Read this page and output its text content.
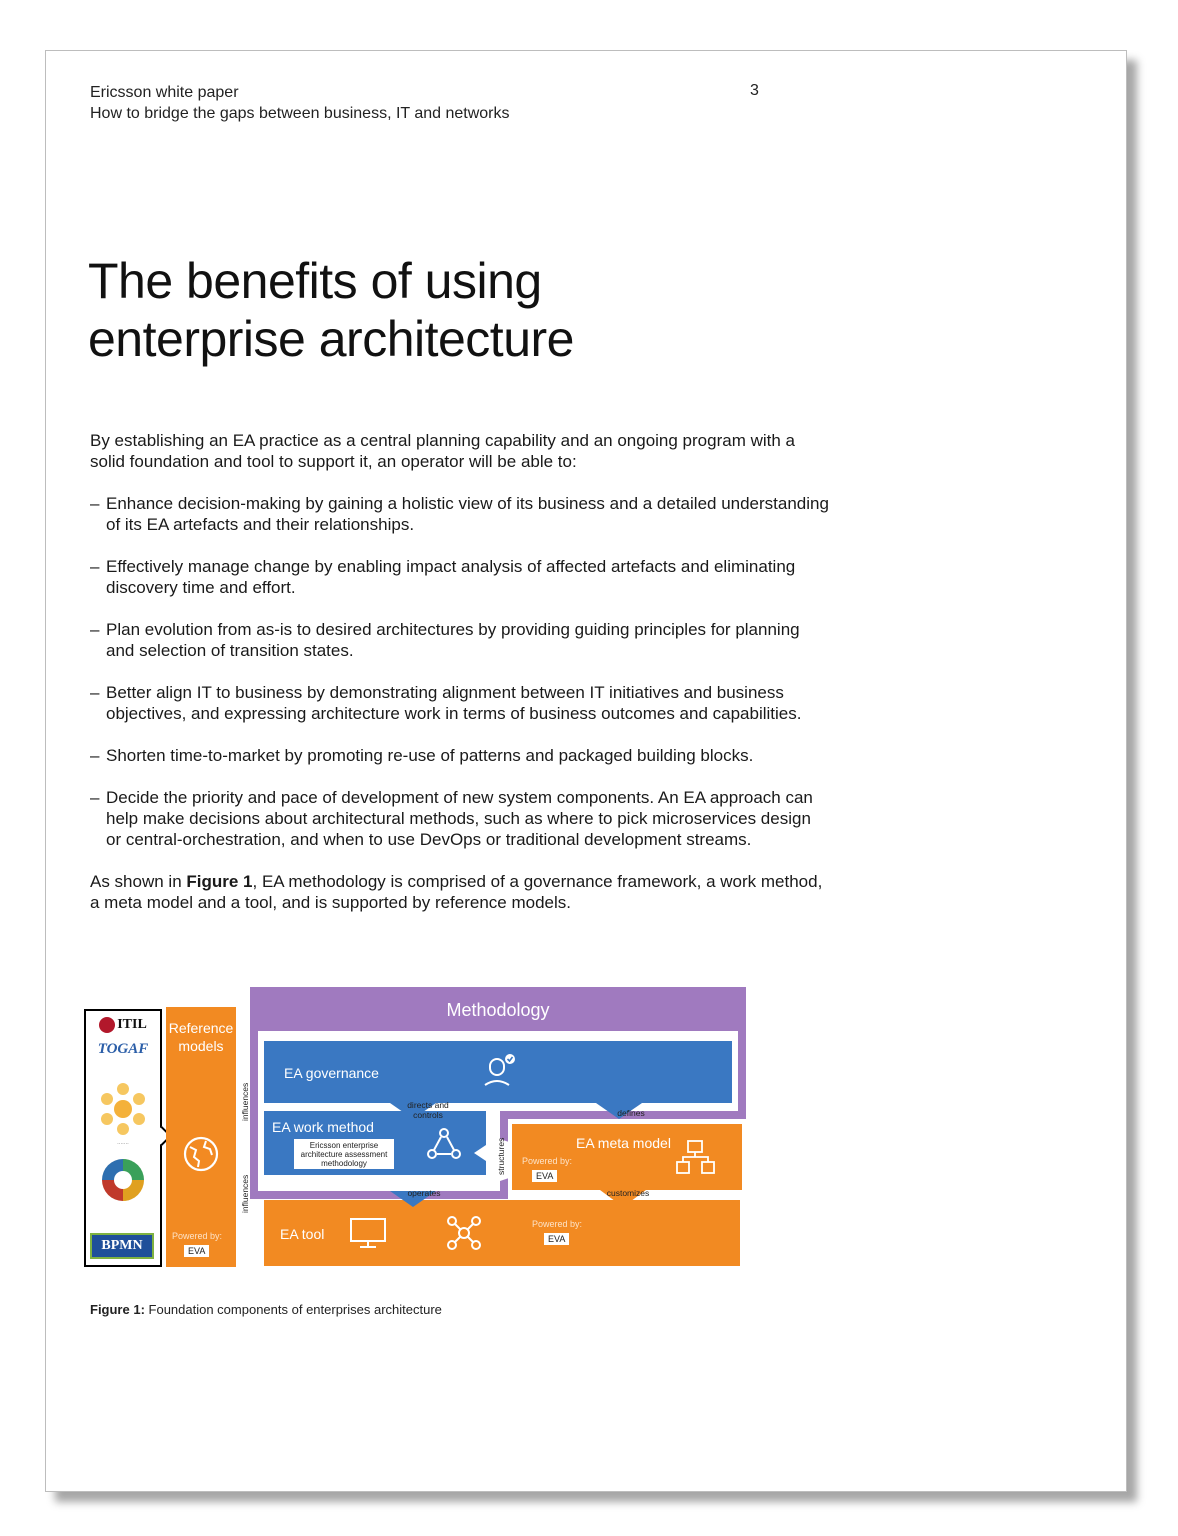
Ericsson white paper
How to bridge the gaps between business, IT and networks
3
The benefits of using
enterprise architecture

By establishing an EA practice as a central planning capability and an ongoing program with a solid foundation and tool to support it, an operator will be able to:

– Enhance decision-making by gaining a holistic view of its business and a detailed understanding of its EA artefacts and their relationships.
– Effectively manage change by enabling impact analysis of affected artefacts and eliminating discovery time and effort.
– Plan evolution from as-is to desired architectures by providing guiding principles for planning and selection of transition states.
– Better align IT to business by demonstrating alignment between IT initiatives and business objectives, and expressing architecture work in terms of business outcomes and capabilities.
– Shorten time-to-market by promoting re-use of patterns and packaged building blocks.
– Decide the priority and pace of development of new system components. An EA approach can help make decisions about architectural methods, such as where to pick microservices design or central-orchestration, and when to use DevOps or traditional development streams.

As shown in Figure 1, EA methodology is comprised of a governance framework, a work method, a meta model and a tool, and is supported by reference models.

ITIL
TOGAF
·······
BPMN
Reference models
Powered by:
EVA
influences
influences
Methodology
EA governance
directs and controls	defines
EA work method
Ericsson enterprise architecture assessment methodology	structures	EA meta model
Powered by:
EVA
operates	customizes
EA tool
Powered by:
EVA
Figure 1: Foundation components of enterprises architecture
